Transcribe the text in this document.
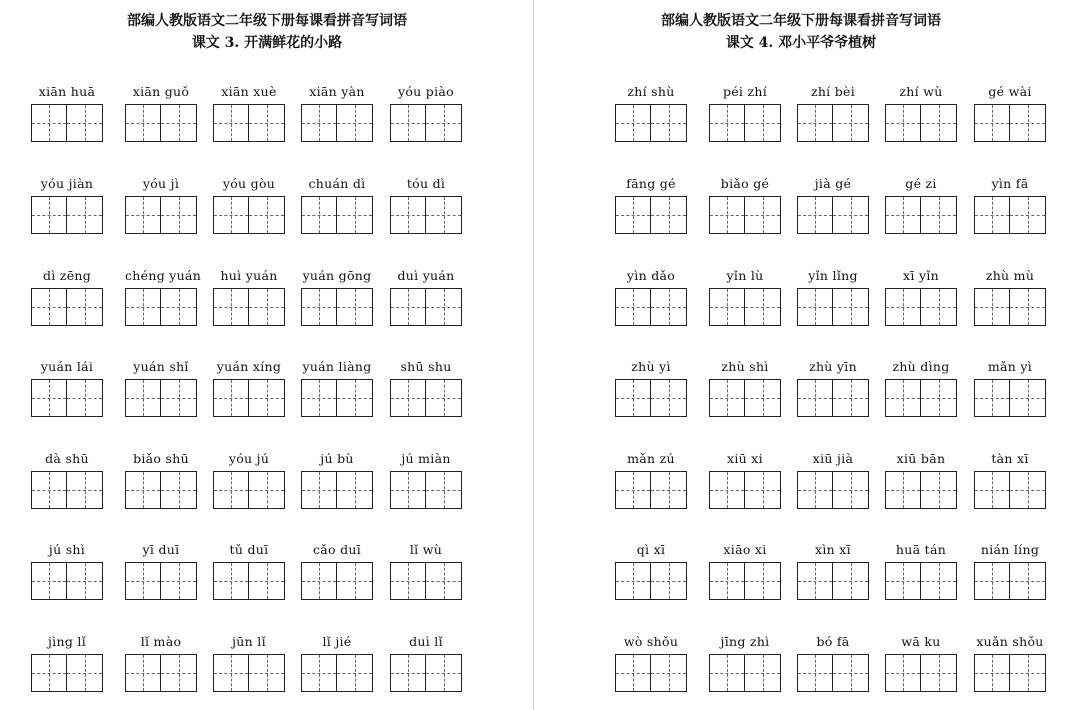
部编人教版语文二年级下册每课看拼音写词语
课文 3. 开满鲜花的小路
xiān huā	xiān guǒ	xiān xuè	xiān yàn	yóu piào
yóu jiàn	yóu jì	yóu gòu	chuán dì	tóu dì
dì zēng	chéng yuán	huì yuán	yuán gōng	duì yuán
yuán lái	yuán shǐ	yuán xíng	yuán liàng	shū shu
dà shū	biǎo shū	yóu jú	jú bù	jú miàn
jú shì	yī duī	tǔ duī	cǎo duī	lǐ wù
jìng lǐ	lǐ mào	jūn lǐ	lǐ jié	duì lǐ
部编人教版语文二年级下册每课看拼音写词语
课文 4. 邓小平爷爷植树
zhí shù	péi zhí	zhí bèi	zhí wù	gé wài
fāng gé	biǎo gé	jià gé	gé zi	yìn fā
yìn dǎo	yǐn lù	yǐn lǐng	xī yǐn	zhù mù
zhù yì	zhù shì	zhù yīn	zhù dìng	mǎn yì
mǎn zú	xiū xi	xiū jià	xiū bān	tàn xī
qì xī	xiāo xi	xìn xī	huā tán	nián líng
wò shǒu	jīng zhì	bó fā	wā ku	xuǎn shǒu
